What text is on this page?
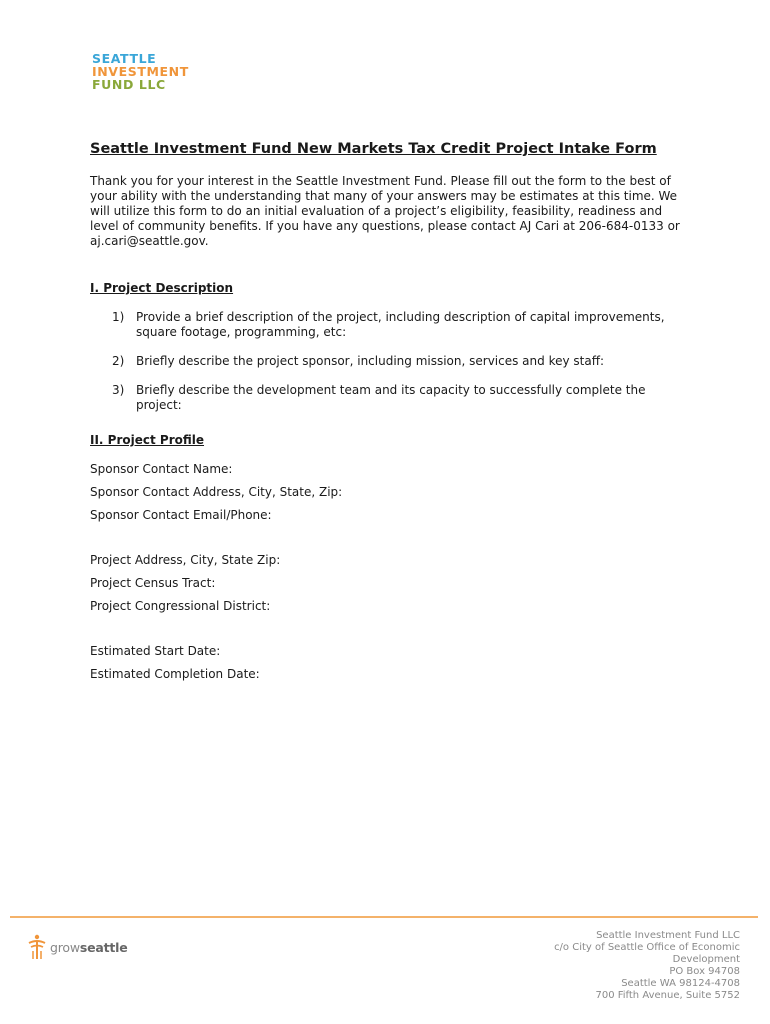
SEATTLE
INVESTMENT
FUND LLC
Seattle Investment Fund New Markets Tax Credit Project Intake Form

Thank you for your interest in the Seattle Investment Fund. Please fill out the form to the best of your ability with the understanding that many of your answers may be estimates at this time. We will utilize this form to do an initial evaluation of a project’s eligibility, feasibility, readiness and level of community benefits. If you have any questions, please contact AJ Cari at 206-684-0133 or aj.cari@seattle.gov.

I. Project Description
1) Provide a brief description of the project, including description of capital improvements, square footage, programming, etc:
2) Briefly describe the project sponsor, including mission, services and key staff:
3) Briefly describe the development team and its capacity to successfully complete the project:
II. Project Profile
Sponsor Contact Name:
Sponsor Contact Address, City, State, Zip:
Sponsor Contact Email/Phone:
Project Address, City, State Zip:
Project Census Tract:
Project Congressional District:
Estimated Start Date:
Estimated Completion Date:
growseattle
Seattle Investment Fund LLC
c/o City of Seattle Office of Economic
Development
PO Box 94708
Seattle WA 98124-4708
700 Fifth Avenue, Suite 5752
